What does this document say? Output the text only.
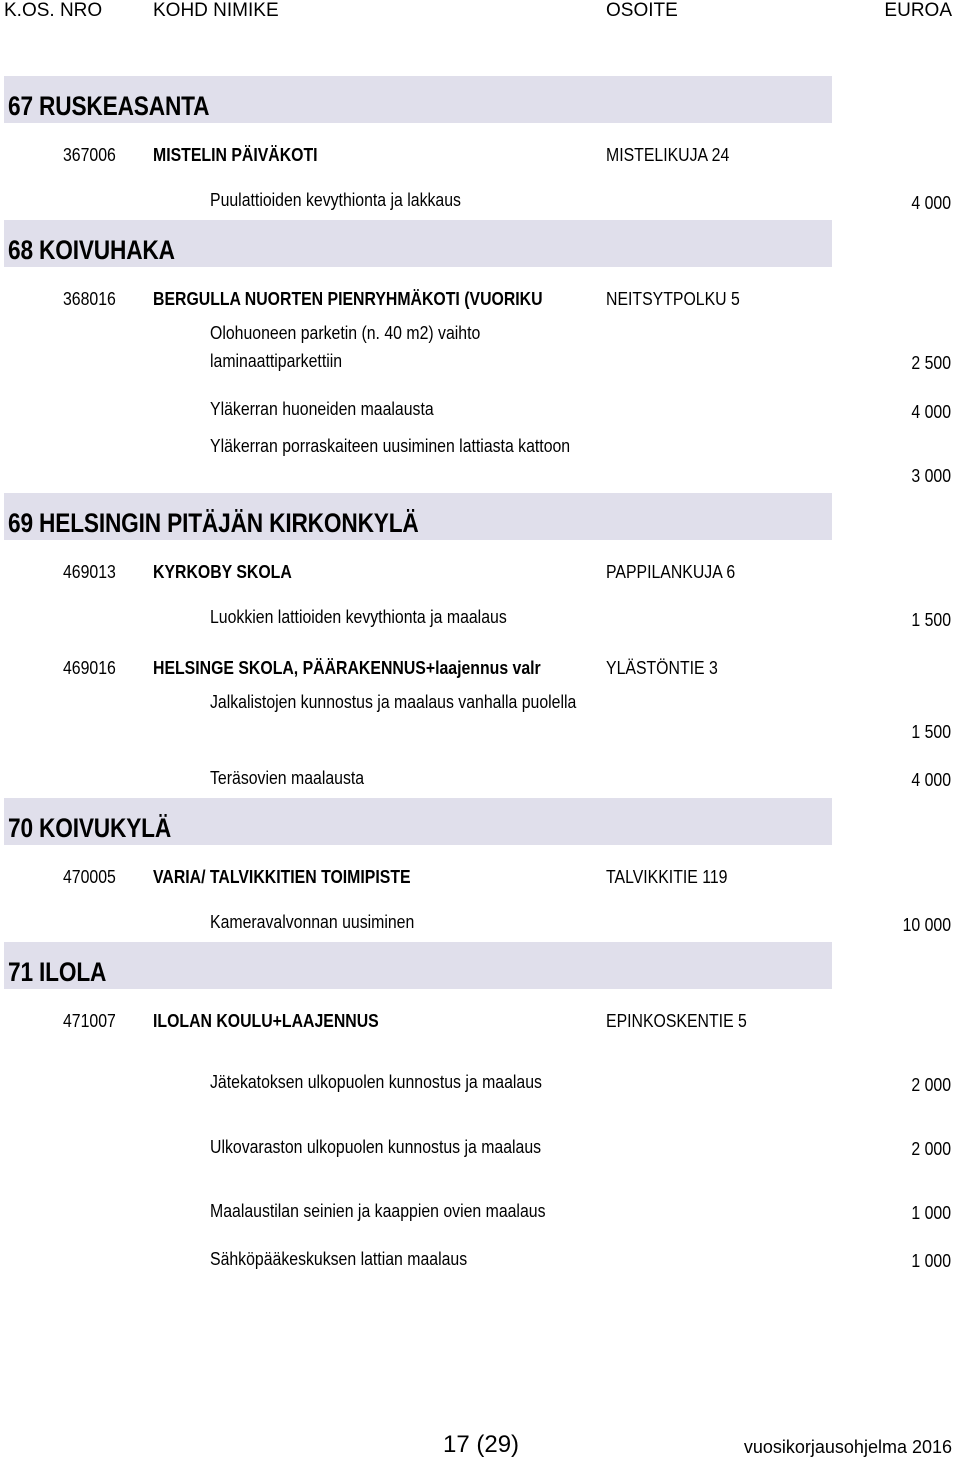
K.OS. NRO	KOHD NIMIKE	OSOITE	EUROA
67 RUSKEASANTA
367006 MISTELIN PÄIVÄKOTI	MISTELIKUJA 24
Puulattioiden kevythionta ja lakkaus	4 000
68 KOIVUHAKA
368016 BERGULLA NUORTEN PIENRYHMÄKOTI (VUORIKU	NEITSYTPOLKU 5
Olohuoneen parketin (n. 40 m2) vaihto laminaattiparkettiin	2 500
Yläkerran huoneiden maalausta	4 000
Yläkerran porraskaiteen uusiminen lattiasta kattoon
3 000
69 HELSINGIN PITÄJÄN KIRKONKYLÄ
469013 KYRKOBY SKOLA	PAPPILANKUJA 6
Luokkien lattioiden kevythionta ja maalaus	1 500
469016 HELSINGE SKOLA, PÄÄRAKENNUS+laajennus valr	YLÄSTÖNTIE 3
Jalkalistojen kunnostus ja maalaus vanhalla puolella
1 500
Teräsovien maalausta	4 000
70 KOIVUKYLÄ
470005 VARIA/ TALVIKKITIEN TOIMIPISTE	TALVIKKITIE 119
Kameravalvonnan uusiminen	10 000
71 ILOLA
471007 ILOLAN KOULU+LAAJENNUS	EPINKOSKENTIE 5
Jätekatoksen ulkopuolen kunnostus ja maalaus	2 000
Ulkovaraston ulkopuolen kunnostus ja maalaus	2 000
Maalaustilan seinien ja kaappien ovien maalaus	1 000
Sähköpääkeskuksen lattian maalaus	1 000
17 (29)	vuosikorjausohjelma 2016
